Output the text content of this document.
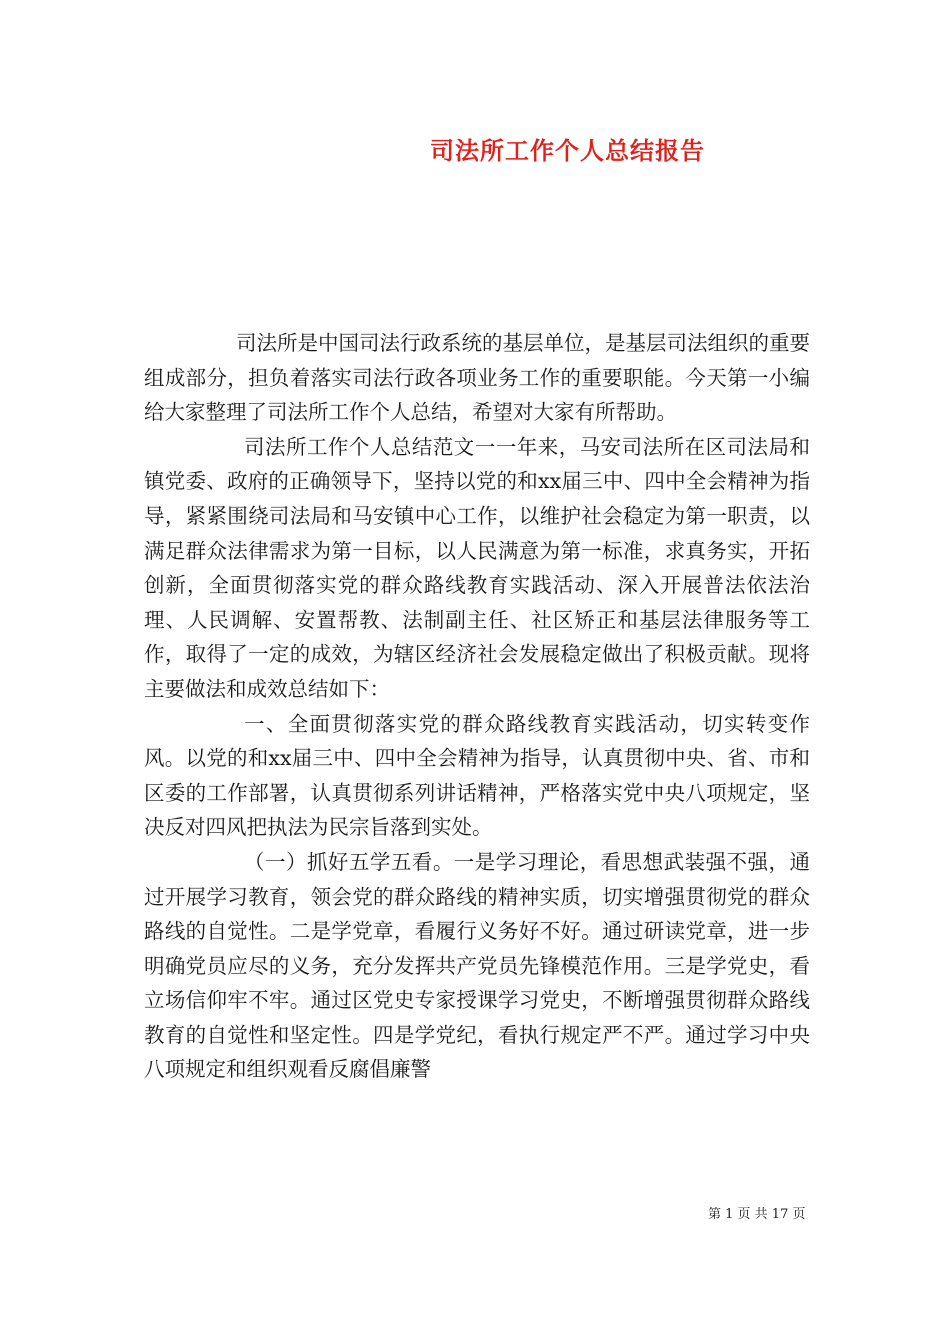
司法所工作个人总结报告

司法所是中国司法行政系统的基层单位，是基层司法组织的重要组成部分，担负着落实司法行政各项业务工作的重要职能。今天第一小编给大家整理了司法所工作个人总结，希望对大家有所帮助。

司法所工作个人总结范文一一年来，马安司法所在区司法局和镇党委、政府的正确领导下，坚持以党的和xx届三中、四中全会精神为指导，紧紧围绕司法局和马安镇中心工作，以维护社会稳定为第一职责，以满足群众法律需求为第一目标，以人民满意为第一标准，求真务实，开拓创新，全面贯彻落实党的群众路线教育实践活动、深入开展普法依法治理、人民调解、安置帮教、法制副主任、社区矫正和基层法律服务等工作，取得了一定的成效，为辖区经济社会发展稳定做出了积极贡献。现将主要做法和成效总结如下：

一、全面贯彻落实党的群众路线教育实践活动，切实转变作风。以党的和xx届三中、四中全会精神为指导，认真贯彻中央、省、市和区委的工作部署，认真贯彻系列讲话精神，严格落实党中央八项规定，坚决反对四风把执法为民宗旨落到实处。

（一）抓好五学五看。一是学习理论，看思想武装强不强，通过开展学习教育，领会党的群众路线的精神实质，切实增强贯彻党的群众路线的自觉性。二是学党章，看履行义务好不好。通过研读党章，进一步明确党员应尽的义务，充分发挥共产党员先锋模范作用。三是学党史，看立场信仰牢不牢。通过区党史专家授课学习党史，不断增强贯彻群众路线教育的自觉性和坚定性。四是学党纪，看执行规定严不严。通过学习中央八项规定和组织观看反腐倡廉警

第 1 页 共 17 页
